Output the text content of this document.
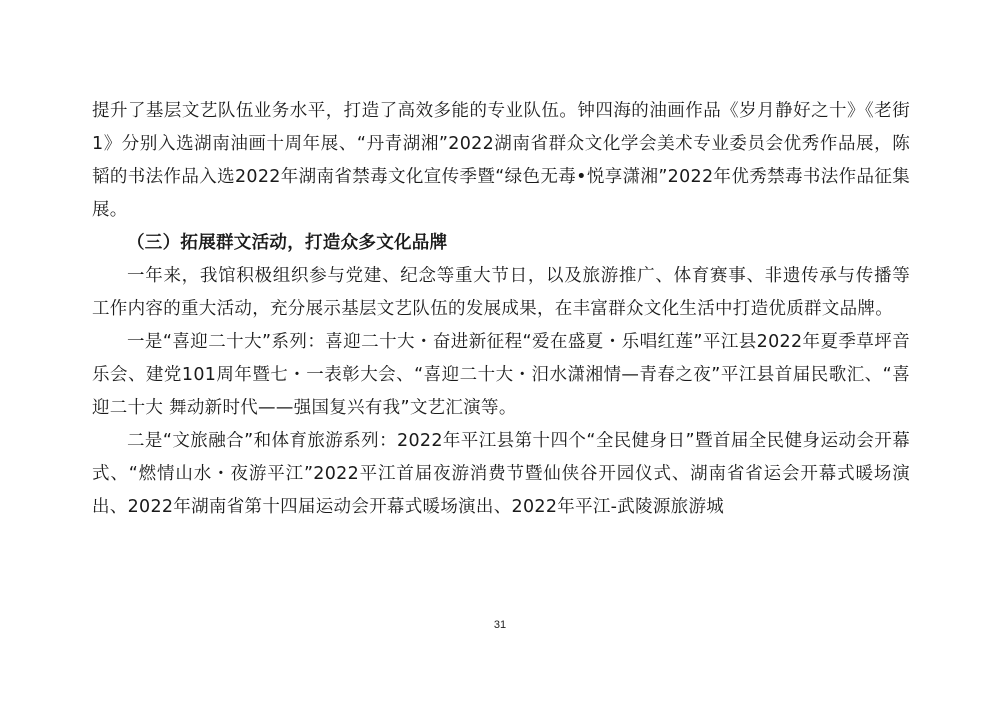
提升了基层文艺队伍业务水平，打造了高效多能的专业队伍。钟四海的油画作品《岁月静好之十》《老街1》分别入选湖南油画十周年展、“丹青湖湘”2022湖南省群众文化学会美术专业委员会优秀作品展，陈韬的书法作品入选2022年湖南省禁毒文化宣传季暨“绿色无毒•悦享潇湘”2022年优秀禁毒书法作品征集展。

（三）拓展群文活动，打造众多文化品牌

一年来，我馆积极组织参与党建、纪念等重大节日，以及旅游推广、体育赛事、非遗传承与传播等工作内容的重大活动，充分展示基层文艺队伍的发展成果，在丰富群众文化生活中打造优质群文品牌。

一是“喜迎二十大”系列：喜迎二十大・奋进新征程“爱在盛夏・乐唱红莲”平江县2022年夏季草坪音乐会、建党101周年暨七・一表彰大会、“喜迎二十大・汨水潇湘情—青春之夜”平江县首届民歌汇、“喜迎二十大 舞动新时代——强国复兴有我”文艺汇演等。

二是“文旅融合”和体育旅游系列：2022年平江县第十四个“全民健身日”暨首届全民健身运动会开幕式、“燃情山水・夜游平江”2022平江首届夜游消费节暨仙侠谷开园仪式、湖南省省运会开幕式暖场演出、2022年湖南省第十四届运动会开幕式暖场演出、2022年平江-武陵源旅游城

31
